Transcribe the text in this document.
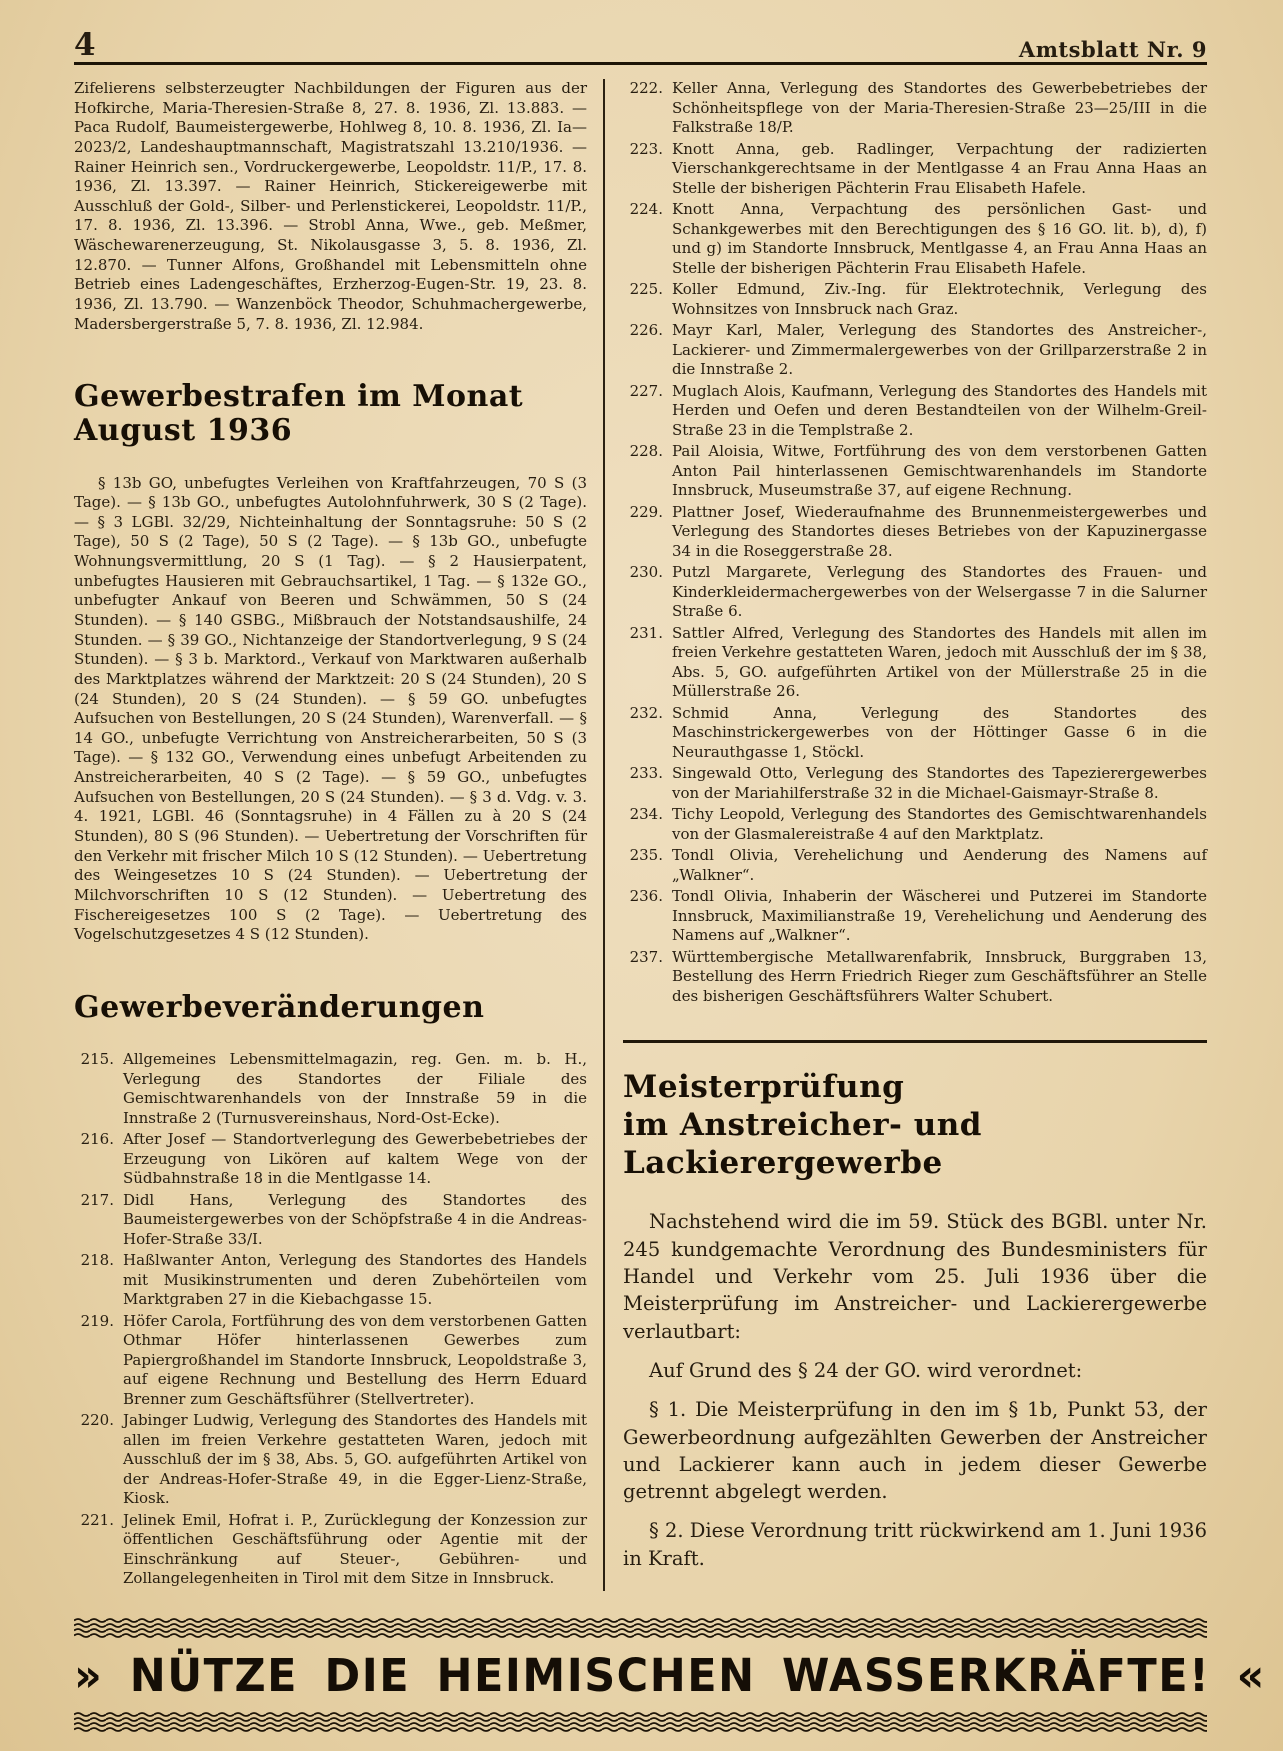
4	Amtsblatt Nr. 9

Zifelierens selbsterzeugter Nachbildungen der Figuren aus der Hofkirche, Maria-Theresien-Straße 8, 27. 8. 1936, Zl. 13.883. — Paca Rudolf, Baumeistergewerbe, Hohlweg 8, 10. 8. 1936, Zl. Ia—2023/2, Landeshauptmannschaft, Magistratszahl 13.210/1936. — Rainer Heinrich sen., Vordruckergewerbe, Leopoldstr. 11/P., 17. 8. 1936, Zl. 13.397. — Rainer Heinrich, Stickereigewerbe mit Ausschluß der Gold-, Silber- und Perlenstickerei, Leopoldstr. 11/P., 17. 8. 1936, Zl. 13.396. — Strobl Anna, Wwe., geb. Meßmer, Wäschewarenerzeugung, St. Nikolausgasse 3, 5. 8. 1936, Zl. 12.870. — Tunner Alfons, Großhandel mit Lebensmitteln ohne Betrieb eines Ladengeschäftes, Erzherzog-Eugen-Str. 19, 23. 8. 1936, Zl. 13.790. — Wanzenböck Theodor, Schuhmachergewerbe, Madersbergerstraße 5, 7. 8. 1936, Zl. 12.984.

Gewerbestrafen im Monat August 1936

§ 13b GO, unbefugtes Verleihen von Kraftfahrzeugen, 70 S (3 Tage). — § 13b GO., unbefugtes Autolohnfuhrwerk, 30 S (2 Tage). — § 3 LGBl. 32/29, Nichteinhaltung der Sonntagsruhe: 50 S (2 Tage), 50 S (2 Tage), 50 S (2 Tage). — § 13b GO., unbefugte Wohnungsvermittlung, 20 S (1 Tag). — § 2 Hausierpatent, unbefugtes Hausieren mit Gebrauchsartikel, 1 Tag. — § 132e GO., unbefugter Ankauf von Beeren und Schwämmen, 50 S (24 Stunden). — § 140 GSBG., Mißbrauch der Notstandsaushilfe, 24 Stunden. — § 39 GO., Nichtanzeige der Standortverlegung, 9 S (24 Stunden). — § 3 b. Marktord., Verkauf von Marktwaren außerhalb des Marktplatzes während der Marktzeit: 20 S (24 Stunden), 20 S (24 Stunden), 20 S (24 Stunden). — § 59 GO. unbefugtes Aufsuchen von Bestellungen, 20 S (24 Stunden), Warenverfall. — § 14 GO., unbefugte Verrichtung von Anstreicherarbeiten, 50 S (3 Tage). — § 132 GO., Verwendung eines unbefugt Arbeitenden zu Anstreicherarbeiten, 40 S (2 Tage). — § 59 GO., unbefugtes Aufsuchen von Bestellungen, 20 S (24 Stunden). — § 3 d. Vdg. v. 3. 4. 1921, LGBl. 46 (Sonntagsruhe) in 4 Fällen zu à 20 S (24 Stunden), 80 S (96 Stunden). — Uebertretung der Vorschriften für den Verkehr mit frischer Milch 10 S (12 Stunden). — Uebertretung des Weingesetzes 10 S (24 Stunden). — Uebertretung der Milchvorschriften 10 S (12 Stunden). — Uebertretung des Fischereigesetzes 100 S (2 Tage). — Uebertretung des Vogelschutzgesetzes 4 S (12 Stunden).

Gewerbeveränderungen
215. Allgemeines Lebensmittelmagazin, reg. Gen. m. b. H., Verlegung des Standortes der Filiale des Gemischtwarenhandels von der Innstraße 59 in die Innstraße 2 (Turnusvereinshaus, Nord-Ost-Ecke).
216. After Josef — Standortverlegung des Gewerbebetriebes der Erzeugung von Likören auf kaltem Wege von der Südbahnstraße 18 in die Mentlgasse 14.
217. Didl Hans, Verlegung des Standortes des Baumeistergewerbes von der Schöpfstraße 4 in die Andreas-Hofer-Straße 33/I.
218. Haßlwanter Anton, Verlegung des Standortes des Handels mit Musikinstrumenten und deren Zubehörteilen vom Marktgraben 27 in die Kiebachgasse 15.
219. Höfer Carola, Fortführung des von dem verstorbenen Gatten Othmar Höfer hinterlassenen Gewerbes zum Papiergroßhandel im Standorte Innsbruck, Leopoldstraße 3, auf eigene Rechnung und Bestellung des Herrn Eduard Brenner zum Geschäftsführer (Stellvertreter).
220. Jabinger Ludwig, Verlegung des Standortes des Handels mit allen im freien Verkehre gestatteten Waren, jedoch mit Ausschluß der im § 38, Abs. 5, GO. aufgeführten Artikel von der Andreas-Hofer-Straße 49, in die Egger-Lienz-Straße, Kiosk.
221. Jelinek Emil, Hofrat i. P., Zurücklegung der Konzession zur öffentlichen Geschäftsführung oder Agentie mit der Einschränkung auf Steuer-, Gebühren- und Zollangelegenheiten in Tirol mit dem Sitze in Innsbruck.
222. Keller Anna, Verlegung des Standortes des Gewerbebetriebes der Schönheitspflege von der Maria-Theresien-Straße 23—25/III in die Falkstraße 18/P.
223. Knott Anna, geb. Radlinger, Verpachtung der radizierten Vierschankgerechtsame in der Mentlgasse 4 an Frau Anna Haas an Stelle der bisherigen Pächterin Frau Elisabeth Hafele.
224. Knott Anna, Verpachtung des persönlichen Gast- und Schankgewerbes mit den Berechtigungen des § 16 GO. lit. b), d), f) und g) im Standorte Innsbruck, Mentlgasse 4, an Frau Anna Haas an Stelle der bisherigen Pächterin Frau Elisabeth Hafele.
225. Koller Edmund, Ziv.-Ing. für Elektrotechnik, Verlegung des Wohnsitzes von Innsbruck nach Graz.
226. Mayr Karl, Maler, Verlegung des Standortes des Anstreicher-, Lackierer- und Zimmermalergewerbes von der Grillparzerstraße 2 in die Innstraße 2.
227. Muglach Alois, Kaufmann, Verlegung des Standortes des Handels mit Herden und Oefen und deren Bestandteilen von der Wilhelm-Greil-Straße 23 in die Templstraße 2.
228. Pail Aloisia, Witwe, Fortführung des von dem verstorbenen Gatten Anton Pail hinterlassenen Gemischtwarenhandels im Standorte Innsbruck, Museumstraße 37, auf eigene Rechnung.
229. Plattner Josef, Wiederaufnahme des Brunnenmeistergewerbes und Verlegung des Standortes dieses Betriebes von der Kapuzinergasse 34 in die Roseggerstraße 28.
230. Putzl Margarete, Verlegung des Standortes des Frauen- und Kinderkleidermachergewerbes von der Welsergasse 7 in die Salurner Straße 6.
231. Sattler Alfred, Verlegung des Standortes des Handels mit allen im freien Verkehre gestatteten Waren, jedoch mit Ausschluß der im § 38, Abs. 5, GO. aufgeführten Artikel von der Müllerstraße 25 in die Müllerstraße 26.
232. Schmid Anna, Verlegung des Standortes des Maschinstrickergewerbes von der Höttinger Gasse 6 in die Neurauthgasse 1, Stöckl.
233. Singewald Otto, Verlegung des Standortes des Tapezierergewerbes von der Mariahilferstraße 32 in die Michael-Gaismayr-Straße 8.
234. Tichy Leopold, Verlegung des Standortes des Gemischtwarenhandels von der Glasmalereistraße 4 auf den Marktplatz.
235. Tondl Olivia, Verehelichung und Aenderung des Namens auf „Walkner“.
236. Tondl Olivia, Inhaberin der Wäscherei und Putzerei im Standorte Innsbruck, Maximilianstraße 19, Verehelichung und Aenderung des Namens auf „Walkner“.
237. Württembergische Metallwarenfabrik, Innsbruck, Burggraben 13, Bestellung des Herrn Friedrich Rieger zum Geschäftsführer an Stelle des bisherigen Geschäftsführers Walter Schubert.
Meisterprüfung
im Anstreicher- und Lackierergewerbe

Nachstehend wird die im 59. Stück des BGBl. unter Nr. 245 kundgemachte Verordnung des Bundesministers für Handel und Verkehr vom 25. Juli 1936 über die Meisterprüfung im Anstreicher- und Lackierergewerbe verlautbart:

Auf Grund des § 24 der GO. wird verordnet:

§ 1. Die Meisterprüfung in den im § 1b, Punkt 53, der Gewerbeordnung aufgezählten Gewerben der Anstreicher und Lackierer kann auch in jedem dieser Gewerbe getrennt abgelegt werden.

§ 2. Diese Verordnung tritt rückwirkend am 1. Juni 1936 in Kraft.

» NÜTZE DIE HEIMISCHEN WASSERKRÄFTE! «
